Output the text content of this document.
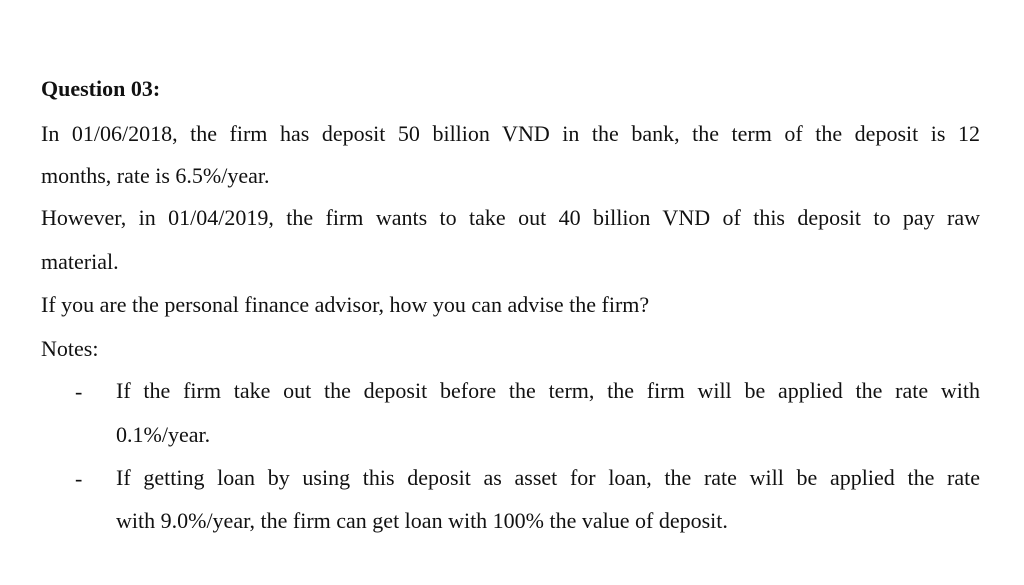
Question 03:
In 01/06/2018, the firm has deposit 50 billion VND in the bank, the term of the deposit is 12
months, rate is 6.5%/year.
However, in 01/04/2019, the firm wants to take out 40 billion VND of this deposit to pay raw
material.
If you are the personal finance advisor, how you can advise the firm?
Notes:
- If the firm take out the deposit before the term, the firm will be applied the rate with
0.1%/year.
- If getting loan by using this deposit as asset for loan, the rate will be applied the rate
with 9.0%/year, the firm can get loan with 100% the value of deposit.
